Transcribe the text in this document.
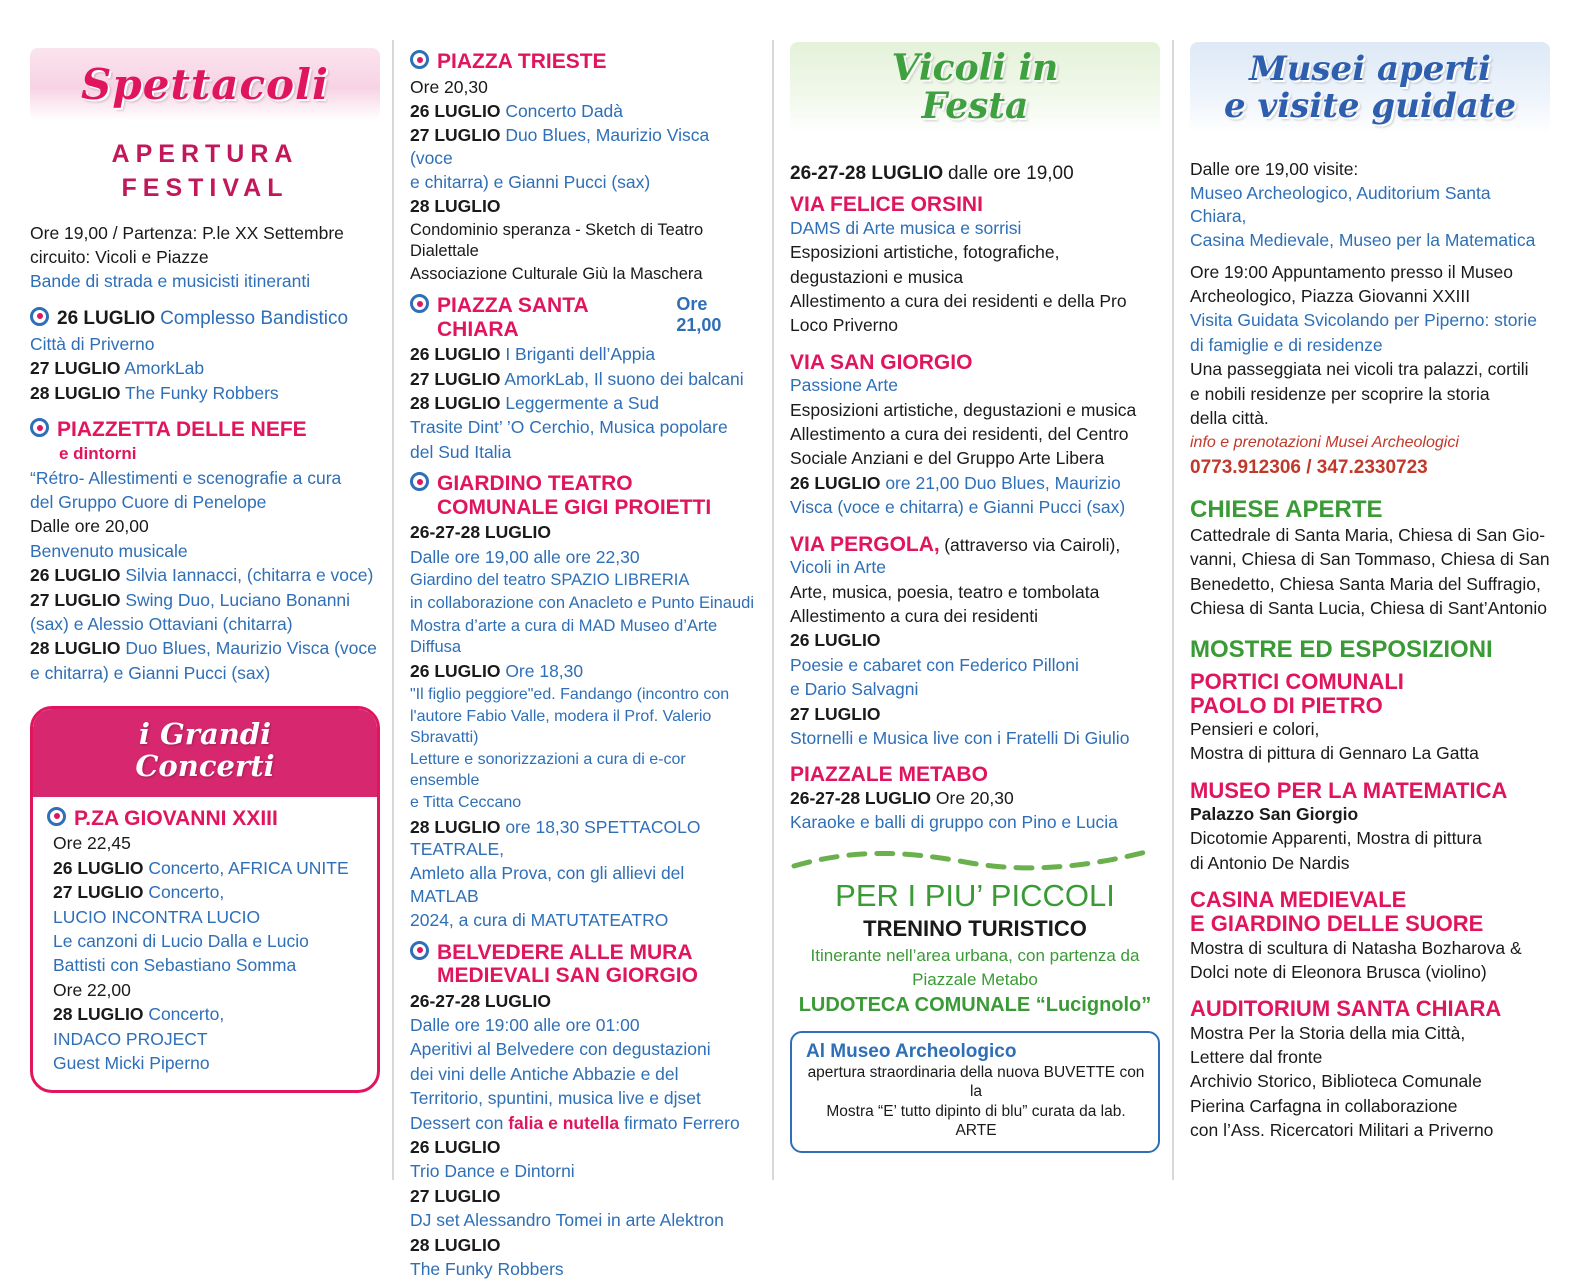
Spettacoli
APERTURA
FESTIVAL
Ore 19,00 / Partenza: P.le XX Settembre
circuito: Vicoli e Piazze
Bande di strada e musicisti itineranti
26 LUGLIO Complesso Bandistico
Città di Priverno
27 LUGLIO AmorkLab
28 LUGLIO The Funky Robbers
PIAZZETTA DELLE NEFE
e dintorni
“Rétro- Allestimenti e scenografie a cura
del Gruppo Cuore di Penelope
Dalle ore 20,00
Benvenuto musicale
26 LUGLIO Silvia Iannacci, (chitarra e voce)
27 LUGLIO Swing Duo, Luciano Bonanni
(sax) e Alessio Ottaviani (chitarra)
28 LUGLIO Duo Blues, Maurizio Visca (voce
e chitarra) e Gianni Pucci (sax)
i Grandi
Concerti
P.ZA GIOVANNI XXIII
Ore 22,45
26 LUGLIO Concerto, AFRICA UNITE
27 LUGLIO Concerto,
LUCIO INCONTRA LUCIO
Le canzoni di Lucio Dalla e Lucio
Battisti con Sebastiano Somma
Ore 22,00
28 LUGLIO Concerto,
INDACO PROJECT
Guest Micki Piperno
PIAZZA TRIESTE
Ore 20,30
26 LUGLIO Concerto Dadà
27 LUGLIO Duo Blues, Maurizio Visca (voce
e chitarra) e Gianni Pucci (sax)
28 LUGLIO
Condominio speranza - Sketch di Teatro Dialettale
Associazione Culturale Giù la Maschera
PIAZZA SANTA CHIARA
Ore 21,00
26 LUGLIO I Briganti dell’Appia
27 LUGLIO AmorkLab, Il suono dei balcani
28 LUGLIO Leggermente a Sud
Trasite Dint’ ’O Cerchio, Musica popolare
del Sud Italia
GIARDINO TEATRO
COMUNALE GIGI PROIETTI
26-27-28 LUGLIO
Dalle ore 19,00 alle ore 22,30
Giardino del teatro SPAZIO LIBRERIA
in collaborazione con Anacleto e Punto Einaudi
Mostra d’arte a cura di MAD Museo d’Arte Diffusa
26 LUGLIO Ore 18,30
"Il figlio peggiore"ed. Fandango (incontro con
l'autore Fabio Valle, modera il Prof. Valerio Sbravatti)
Letture e sonorizzazioni a cura di e-cor ensemble
e Titta Ceccano
28 LUGLIO ore 18,30 SPETTACOLO TEATRALE,
Amleto alla Prova, con gli allievi del MATLAB
2024, a cura di MATUTATEATRO
BELVEDERE ALLE MURA
MEDIEVALI SAN GIORGIO
26-27-28 LUGLIO
Dalle ore 19:00 alle ore 01:00
Aperitivi al Belvedere con degustazioni
dei vini delle Antiche Abbazie e del
Territorio, spuntini, musica live e djset
Dessert con falia e nutella firmato Ferrero
26 LUGLIO
Trio Dance e Dintorni
27 LUGLIO
DJ set Alessandro Tomei in arte Alektron
28 LUGLIO
The Funky Robbers
Vicoli in
Festa
26-27-28 LUGLIO dalle ore 19,00
VIA FELICE ORSINI
DAMS di Arte musica e sorrisi
Esposizioni artistiche, fotografiche,
degustazioni e musica
Allestimento a cura dei residenti e della Pro
Loco Priverno
VIA SAN GIORGIO
Passione Arte
Esposizioni artistiche, degustazioni e musica
Allestimento a cura dei residenti, del Centro
Sociale Anziani e del Gruppo Arte Libera
26 LUGLIO ore 21,00 Duo Blues, Maurizio
Visca (voce e chitarra) e Gianni Pucci (sax)
VIA PERGOLA, (attraverso via Cairoli),
Vicoli in Arte
Arte, musica, poesia, teatro e tombolata
Allestimento a cura dei residenti
26 LUGLIO
Poesie e cabaret con Federico Pilloni
e Dario Salvagni
27 LUGLIO
Stornelli e Musica live con i Fratelli Di Giulio
PIAZZALE METABO
26-27-28 LUGLIO Ore 20,30
Karaoke e balli di gruppo con Pino e Lucia
PER I PIU’ PICCOLI
TRENINO TURISTICO
Itinerante nell’area urbana, con partenza da
Piazzale Metabo
LUDOTECA COMUNALE “Lucignolo”
Al Museo Archeologico
apertura straordinaria della nuova BUVETTE con la
Mostra “E’ tutto dipinto di blu” curata da lab. ARTE
Musei aperti
e visite guidate
Dalle ore 19,00 visite:
Museo Archeologico, Auditorium Santa Chiara,
Casina Medievale, Museo per la Matematica
Ore 19:00 Appuntamento presso il Museo
Archeologico, Piazza Giovanni XXIII
Visita Guidata Svicolando per Piperno: storie
di famiglie e di residenze
Una passeggiata nei vicoli tra palazzi, cortili
e nobili residenze per scoprire la storia
della città.
info e prenotazioni Musei Archeologici
0773.912306 / 347.2330723
CHIESE APERTE
Cattedrale di Santa Maria, Chiesa di San Gio-
vanni, Chiesa di San Tommaso, Chiesa di San
Benedetto, Chiesa Santa Maria del Suffragio,
Chiesa di Santa Lucia, Chiesa di Sant’Antonio
MOSTRE ED ESPOSIZIONI
PORTICI COMUNALI
PAOLO DI PIETRO
Pensieri e colori,
Mostra di pittura di Gennaro La Gatta
MUSEO PER LA MATEMATICA
Palazzo San Giorgio
Dicotomie Apparenti, Mostra di pittura
di Antonio De Nardis
CASINA MEDIEVALE
E GIARDINO DELLE SUORE
Mostra di scultura di Natasha Bozharova &
Dolci note di Eleonora Brusca (violino)
AUDITORIUM SANTA CHIARA
Mostra Per la Storia della mia Città,
Lettere dal fronte
Archivio Storico, Biblioteca Comunale
Pierina Carfagna in collaborazione
con l’Ass. Ricercatori Militari a Priverno
